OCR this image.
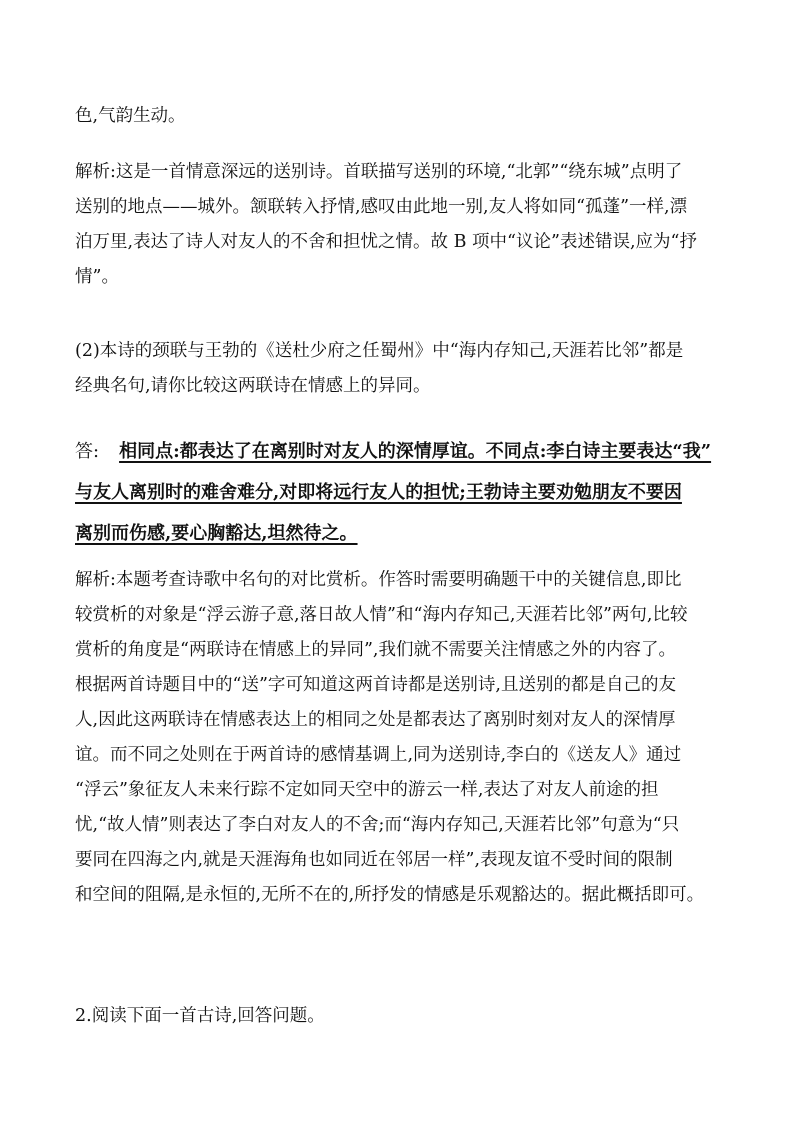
色,气韵生动。
解析:这是一首情意深远的送别诗。首联描写送别的环境,“北郭”“绕东城”点明了
送别的地点——城外。颔联转入抒情,感叹由此地一别,友人将如同“孤蓬”一样,漂
泊万里,表达了诗人对友人的不舍和担忧之情。故 B 项中“议论”表述错误,应为“抒
情”。
(2)本诗的颈联与王勃的《送杜少府之任蜀州》中“海内存知己,天涯若比邻”都是
经典名句,请你比较这两联诗在情感上的异同。
答: 相同点:都表达了在离别时对友人的深情厚谊。不同点:李白诗主要表达“我”
与友人离别时的难舍难分,对即将远行友人的担忧;王勃诗主要劝勉朋友不要因
离别而伤感,要心胸豁达,坦然待之。
解析:本题考查诗歌中名句的对比赏析。作答时需要明确题干中的关键信息,即比
较赏析的对象是“浮云游子意,落日故人情”和“海内存知己,天涯若比邻”两句,比较
赏析的角度是“两联诗在情感上的异同”,我们就不需要关注情感之外的内容了。
根据两首诗题目中的“送”字可知道这两首诗都是送别诗,且送别的都是自己的友
人,因此这两联诗在情感表达上的相同之处是都表达了离别时刻对友人的深情厚
谊。而不同之处则在于两首诗的感情基调上,同为送别诗,李白的《送友人》通过
“浮云”象征友人未来行踪不定如同天空中的游云一样,表达了对友人前途的担
忧,“故人情”则表达了李白对友人的不舍;而“海内存知己,天涯若比邻”句意为“只
要同在四海之内,就是天涯海角也如同近在邻居一样”,表现友谊不受时间的限制
和空间的阻隔,是永恒的,无所不在的,所抒发的情感是乐观豁达的。据此概括即可。
2.阅读下面一首古诗,回答问题。
